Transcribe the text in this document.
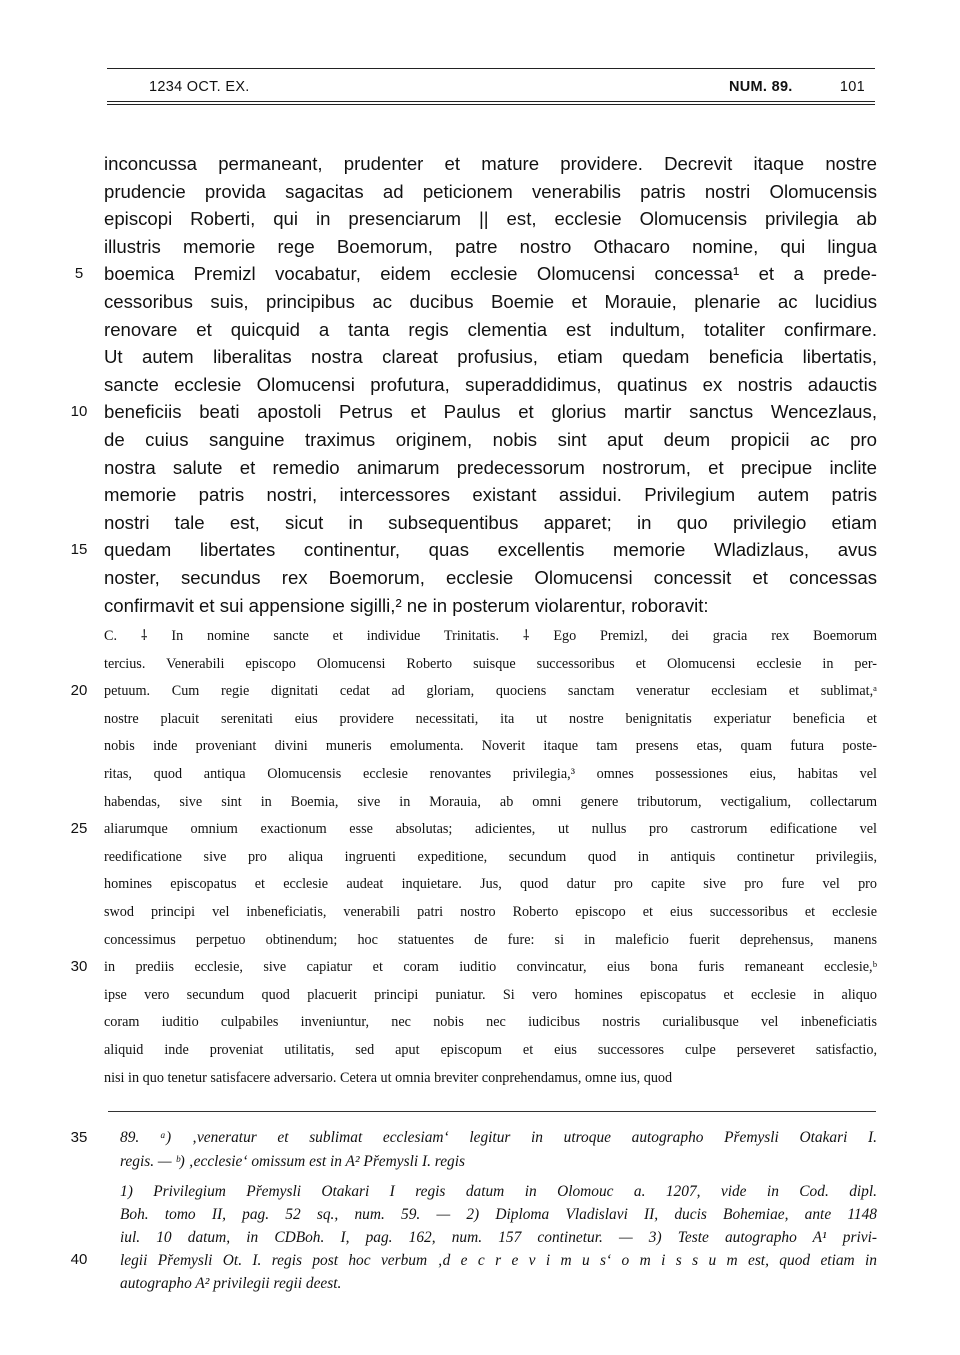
1234 OCT. EX.	NUM. 89.	101
inconcussa permaneant, prudenter et mature providere. Decrevit itaque nostre
prudencie provida sagacitas ad peticionem venerabilis patris nostri Olomucensis
episcopi Roberti, qui in presenciarum || est, ecclesie Olomucensis privilegia ab
illustris memorie rege Boemorum, patre nostro Othacaro nomine, qui lingua
boemica Premizl vocabatur, eidem ecclesie Olomucensi concessa¹ et a prede-
cessoribus suis, principibus ac ducibus Boemie et Morauie, plenarie ac lucidius
renovare et quicquid a tanta regis clementia est indultum, totaliter confirmare.
Ut autem liberalitas nostra clareat profusius, etiam quedam beneficia libertatis,
sancte ecclesie Olomucensi profutura, superaddidimus, quatinus ex nostris adauctis
beneficiis beati apostoli Petrus et Paulus et glorius martir sanctus Wencezlaus,
de cuius sanguine traximus originem, nobis sint aput deum propicii ac pro
nostra salute et remedio animarum predecessorum nostrorum, et precipue inclite
memorie patris nostri, intercessores existant assidui. Privilegium autem patris
nostri tale est, sicut in subsequentibus apparet; in quo privilegio etiam
quedam libertates continentur, quas excellentis memorie Wladizlaus, avus
noster, secundus rex Boemorum, ecclesie Olomucensi concessit et concessas
confirmavit et sui appensione sigilli,² ne in posterum violarentur, roboravit:
C. ⸸ In nomine sancte et individue Trinitatis. ⸸ Ego Premizl, dei gracia rex Boemorum
tercius. Venerabili episcopo Olomucensi Roberto suisque successoribus et Olomucensi ecclesie in per-
petuum. Cum regie dignitati cedat ad gloriam, quociens sanctam veneratur ecclesiam et sublimat,ᵃ
nostre placuit serenitati eius providere necessitati, ita ut nostre benignitatis experiatur beneficia et
nobis inde proveniant divini muneris emolumenta. Noverit itaque tam presens etas, quam futura poste-
ritas, quod antiqua Olomucensis ecclesie renovantes privilegia,³ omnes possessiones eius, habitas vel
habendas, sive sint in Boemia, sive in Morauia, ab omni genere tributorum, vectigalium, collectarum
aliarumque omnium exactionum esse absolutas; adicientes, ut nullus pro castrorum edificatione vel
reedificatione sive pro aliqua ingruenti expeditione, secundum quod in antiquis continetur privilegiis,
homines episcopatus et ecclesie audeat inquietare. Jus, quod datur pro capite sive pro fure vel pro
swod principi vel inbeneficiatis, venerabili patri nostro Roberto episcopo et eius successoribus et ecclesie
concessimus perpetuo obtinendum; hoc statuentes de fure: si in maleficio fuerit deprehensus, manens
in prediis ecclesie, sive capiatur et coram iuditio convincatur, eius bona furis remaneant ecclesie,ᵇ
ipse vero secundum quod placuerit principi puniatur. Si vero homines episcopatus et ecclesie in aliquo
coram iuditio culpabiles inveniuntur, nec nobis nec iudicibus nostris curialibusque vel inbeneficiatis
aliquid inde proveniat utilitatis, sed aput episcopum et eius successores culpe perseveret satisfactio,
nisi in quo tenetur satisfacere adversario. Cetera ut omnia breviter conprehendamus, omne ius, quod
5
10
15
20
25
30
35
40
89. ᵃ) ‚veneratur et sublimat ecclesiam‘ legitur in utroque autographo Přemysli Otakari I.
regis. — ᵇ) ‚ecclesie‘ omissum est in A² Přemysli I. regis
1) Privilegium Přemysli Otakari I regis datum in Olomouc a. 1207, vide in Cod. dipl.
Boh. tomo II, pag. 52 sq., num. 59. — 2) Diploma Vladislavi II, ducis Bohemiae, ante 1148
iul. 10 datum, in CDBoh. I, pag. 162, num. 157 continetur. — 3) Teste autographo A¹ privi-
legii Přemysli Ot. I. regis post hoc verbum ‚d e c r e v i m u s‘ o m i s s u m est, quod etiam in
autographo A² privilegii regii deest.
